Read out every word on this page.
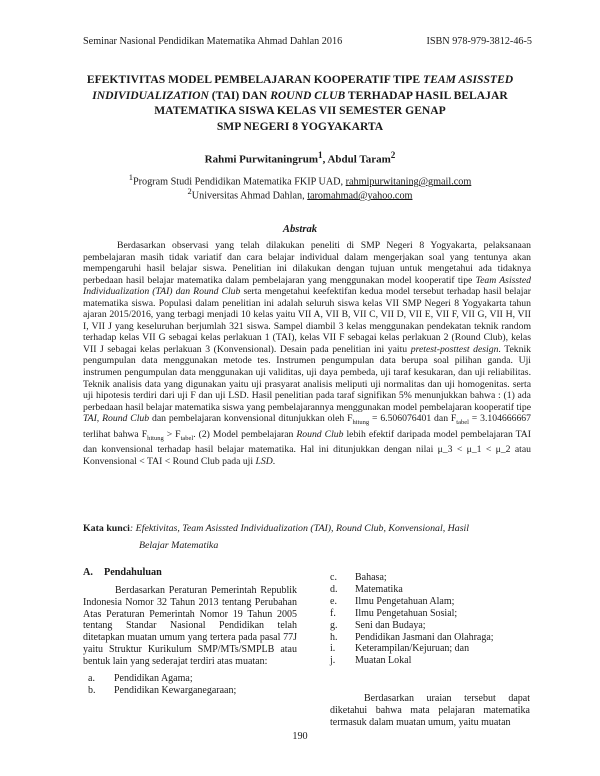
Seminar Nasional Pendidikan Matematika Ahmad Dahlan 2016	ISBN 978-979-3812-46-5
EFEKTIVITAS MODEL PEMBELAJARAN KOOPERATIF TIPE TEAM ASISSTED
INDIVIDUALIZATION (TAI) DAN ROUND CLUB TERHADAP HASIL BELAJAR
MATEMATIKA SISWA KELAS VII SEMESTER GENAP
SMP NEGERI 8 YOGYAKARTA
Rahmi Purwitaningrum$^1$, Abdul Taram$^2$
$^1$Program Studi Pendidikan Matematika FKIP UAD, rahmipurwitaning@gmail.com
$^2$Universitas Ahmad Dahlan, taromahmad@yahoo.com
Abstrak

Berdasarkan observasi yang telah dilakukan peneliti di SMP Negeri 8 Yogyakarta, pelaksanaan pembelajaran masih tidak variatif dan cara belajar individual dalam mengerjakan soal yang tentunya akan mempengaruhi hasil belajar siswa. Penelitian ini dilakukan dengan tujuan untuk mengetahui ada tidaknya perbedaan hasil belajar matematika dalam pembelajaran yang menggunakan model kooperatif tipe Team Asissted Individualization (TAI) dan Round Club serta mengetahui keefektifan kedua model tersebut terhadap hasil belajar matematika siswa. Populasi dalam penelitian ini adalah seluruh siswa kelas VII SMP Negeri 8 Yogyakarta tahun ajaran 2015/2016, yang terbagi menjadi 10 kelas yaitu VII A, VII B, VII C, VII D, VII E, VII F, VII G, VII H, VII I, VII J yang keseluruhan berjumlah 321 siswa. Sampel diambil 3 kelas menggunakan pendekatan teknik random terhadap kelas VII G sebagai kelas perlakuan 1 (TAI), kelas VII F sebagai kelas perlakuan 2 (Round Club), kelas VII J sebagai kelas perlakuan 3 (Konvensional). Desain pada penelitian ini yaitu pretest-posttest design. Teknik pengumpulan data menggunakan metode tes. Instrumen pengumpulan data berupa soal pilihan ganda. Uji instrumen pengumpulan data menggunakan uji validitas, uji daya pembeda, uji taraf kesukaran, dan uji reliabilitas. Teknik analisis data yang digunakan yaitu uji prasyarat analisis meliputi uji normalitas dan uji homogenitas. serta uji hipotesis terdiri dari uji F dan uji LSD. Hasil penelitian pada taraf signifikan 5% menunjukkan bahwa : (1) ada perbedaan hasil belajar matematika siswa yang pembelajarannya menggunakan model pembelajaran kooperatif tipe TAI, Round Club dan pembelajaran konvensional ditunjukkan oleh $F_{hitung} = 6.506076401$ dan $F_{tabel} = 3.104666667$ terlihat bahwa $F_{hitung} > F_{tabel}$. (2) Model pembelajaran Round Club lebih efektif daripada model pembelajaran TAI dan konvensional terhadap hasil belajar matematika. Hal ini ditunjukkan dengan nilai μ_3 < μ_1 < μ_2 atau Konvensional < TAI < Round Club pada uji LSD.

Kata kunci: Efektivitas, Team Asissted Individualization (TAI), Round Club, Konvensional, Hasil
Belajar Matematika
A. Pendahuluan

Berdasarkan Peraturan Pemerintah Republik Indonesia Nomor 32 Tahun 2013 tentang Perubahan Atas Peraturan Pemerintah Nomor 19 Tahun 2005 tentang Standar Nasional Pendidikan telah ditetapkan muatan umum yang tertera pada pasal 77J yaitu Struktur Kurikulum SMP/MTs/SMPLB atau bentuk lain yang sederajat terdiri atas muatan:

a. Pendidikan Agama;
b. Pendidikan Kewarganegaraan;
c. Bahasa;
d. Matematika
e. Ilmu Pengetahuan Alam;
f. Ilmu Pengetahuan Sosial;
g. Seni dan Budaya;
h. Pendidikan Jasmani dan Olahraga;
i. Keterampilan/Kejuruan; dan
j. Muatan Lokal

Berdasarkan uraian tersebut dapat diketahui bahwa mata pelajaran matematika termasuk dalam muatan umum, yaitu muatan

190
